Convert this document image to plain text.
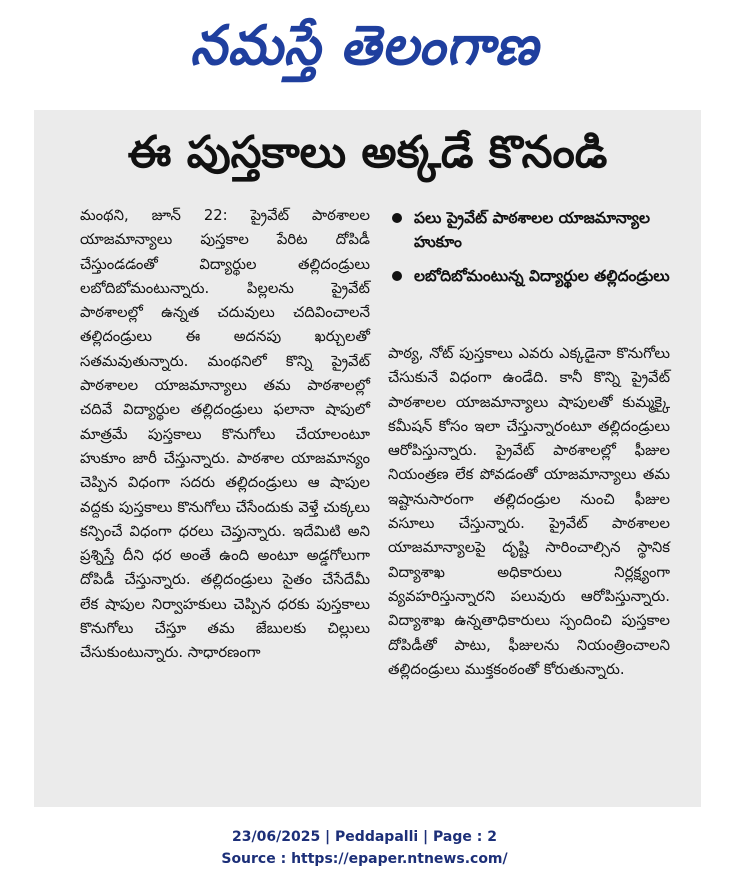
నమస్తే తెలంగాణ
ఈ పుస్తకాలు అక్కడే కొనండి

మంథని, జూన్ 22: ప్రైవేట్ పాఠశాలల యాజమాన్యాలు పుస్తకాల పేరిట దోపిడీ చేస్తుండడంతో విద్యార్థుల తల్లిదండ్రులు లబోదిబోమంటున్నారు. పిల్లలను ప్రైవేట్ పాఠశాలల్లో ఉన్నత చదువులు చదివించాలనే తల్లిదండ్రులు ఈ అదనపు ఖర్చులతో సతమవుతున్నారు. మంథనిలో కొన్ని ప్రైవేట్ పాఠశాలల యాజమాన్యాలు తమ పాఠశాలల్లో చదివే విద్యార్థుల తల్లిదండ్రులు ఫలానా షాపులో మాత్రమే పుస్తకాలు కొనుగోలు చేయాలంటూ హుకూం జారీ చేస్తున్నారు. పాఠశాల యాజమాన్యం చెప్పిన విధంగా సదరు తల్లిదండ్రులు ఆ షాపుల వద్దకు పుస్తకాలు కొనుగోలు చేసేందుకు వెళ్తే చుక్కలు కన్పించే విధంగా ధరలు చెప్తున్నారు. ఇదేమిటి అని ప్రశ్నిస్తే దీని ధర అంతే ఉంది అంటూ అడ్డగోలుగా దోపిడీ చేస్తున్నారు. తల్లిదండ్రులు సైతం చేసేదేమీ లేక షాపుల నిర్వాహకులు చెప్పిన ధరకు పుస్తకాలు కొనుగోలు చేస్తూ తమ జేబులకు చిల్లులు చేసుకుంటున్నారు. సాధారణంగా

పలు ప్రైవేట్ పాఠశాలల యాజమాన్యాల హుకూం
లబోదిబోమంటున్న విద్యార్థుల తల్లిదండ్రులు

పాఠ్య, నోట్ పుస్తకాలు ఎవరు ఎక్కడైనా కొనుగోలు చేసుకునే విధంగా ఉండేది. కానీ కొన్ని ప్రైవేట్ పాఠశాలల యాజమాన్యాలు షాపులతో కుమ్మక్కై కమీషన్ కోసం ఇలా చేస్తున్నారంటూ తల్లిదండ్రులు ఆరోపిస్తున్నారు. ప్రైవేట్ పాఠశాలల్లో ఫీజుల నియంత్రణ లేక పోవడంతో యాజమాన్యాలు తమ ఇష్టానుసారంగా తల్లిదండ్రుల నుంచి ఫీజుల వసూలు చేస్తున్నారు. ప్రైవేట్ పాఠశాలల యాజమాన్యాలపై దృష్టి సారించాల్సిన స్థానిక విద్యాశాఖ అధికారులు నిర్లక్ష్యంగా వ్యవహరిస్తున్నారని పలువురు ఆరోపిస్తున్నారు. విద్యాశాఖ ఉన్నతాధికారులు స్పందించి పుస్తకాల దోపిడీతో పాటు, ఫీజులను నియంత్రించాలని తల్లిదండ్రులు ముక్తకంఠంతో కోరుతున్నారు.

23/06/2025 | Peddapalli | Page : 2
Source : https://epaper.ntnews.com/
